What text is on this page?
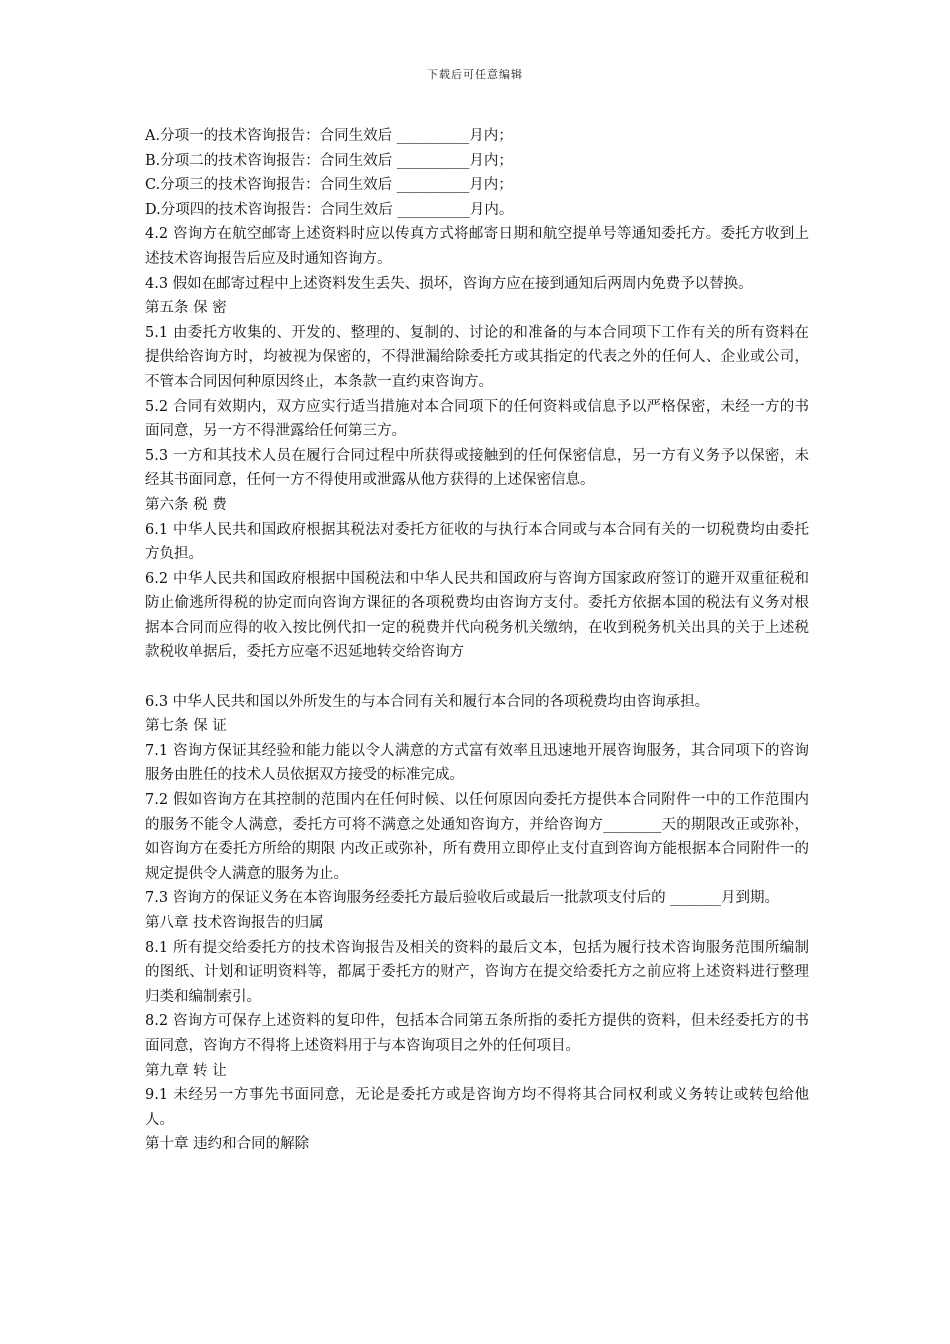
下载后可任意编辑

A.分项一的技术咨询报告：合同生效后 __________月内；

B.分项二的技术咨询报告：合同生效后 __________月内；

C.分项三的技术咨询报告：合同生效后 __________月内；

D.分项四的技术咨询报告：合同生效后 __________月内。

4.2 咨询方在航空邮寄上述资料时应以传真方式将邮寄日期和航空提单号等通知委托方。委托方收到上述技术咨询报告后应及时通知咨询方。

4.3 假如在邮寄过程中上述资料发生丢失、损坏，咨询方应在接到通知后两周内免费予以替换。

第五条 保 密

5.1 由委托方收集的、开发的、整理的、复制的、讨论的和准备的与本合同项下工作有关的所有资料在提供给咨询方时，均被视为保密的，不得泄漏给除委托方或其指定的代表之外的任何人、企业或公司，不管本合同因何种原因终止，本条款一直约束咨询方。

5.2 合同有效期内，双方应实行适当措施对本合同项下的任何资料或信息予以严格保密，未经一方的书面同意，另一方不得泄露给任何第三方。

5.3 一方和其技术人员在履行合同过程中所获得或接触到的任何保密信息，另一方有义务予以保密，未经其书面同意，任何一方不得使用或泄露从他方获得的上述保密信息。

第六条 税 费

6.1 中华人民共和国政府根据其税法对委托方征收的与执行本合同或与本合同有关的一切税费均由委托方负担。

6.2 中华人民共和国政府根据中国税法和中华人民共和国政府与咨询方国家政府签订的避开双重征税和防止偷逃所得税的协定而向咨询方课征的各项税费均由咨询方支付。委托方依据本国的税法有义务对根据本合同而应得的收入按比例代扣一定的税费并代向税务机关缴纳，在收到税务机关出具的关于上述税款税收单据后，委托方应毫不迟延地转交给咨询方

6.3 中华人民共和国以外所发生的与本合同有关和履行本合同的各项税费均由咨询承担。

第七条 保 证

7.1 咨询方保证其经验和能力能以令人满意的方式富有效率且迅速地开展咨询服务，其合同项下的咨询服务由胜任的技术人员依据双方接受的标准完成。

7.2 假如咨询方在其控制的范围内在任何时候、以任何原因向委托方提供本合同附件一中的工作范围内的服务不能令人满意，委托方可将不满意之处通知咨询方，并给咨询方________天的期限改正或弥补，如咨询方在委托方所给的期限 内改正或弥补，所有费用立即停止支付直到咨询方能根据本合同附件一的规定提供令人满意的服务为止。

7.3 咨询方的保证义务在本咨询服务经委托方最后验收后或最后一批款项支付后的 _______月到期。

第八章 技术咨询报告的归属

8.1 所有提交给委托方的技术咨询报告及相关的资料的最后文本，包括为履行技术咨询服务范围所编制的图纸、计划和证明资料等，都属于委托方的财产，咨询方在提交给委托方之前应将上述资料进行整理归类和编制索引。

8.2 咨询方可保存上述资料的复印件，包括本合同第五条所指的委托方提供的资料，但未经委托方的书面同意，咨询方不得将上述资料用于与本咨询项目之外的任何项目。

第九章 转 让

9.1 未经另一方事先书面同意，无论是委托方或是咨询方均不得将其合同权利或义务转让或转包给他人。

第十章 违约和合同的解除
